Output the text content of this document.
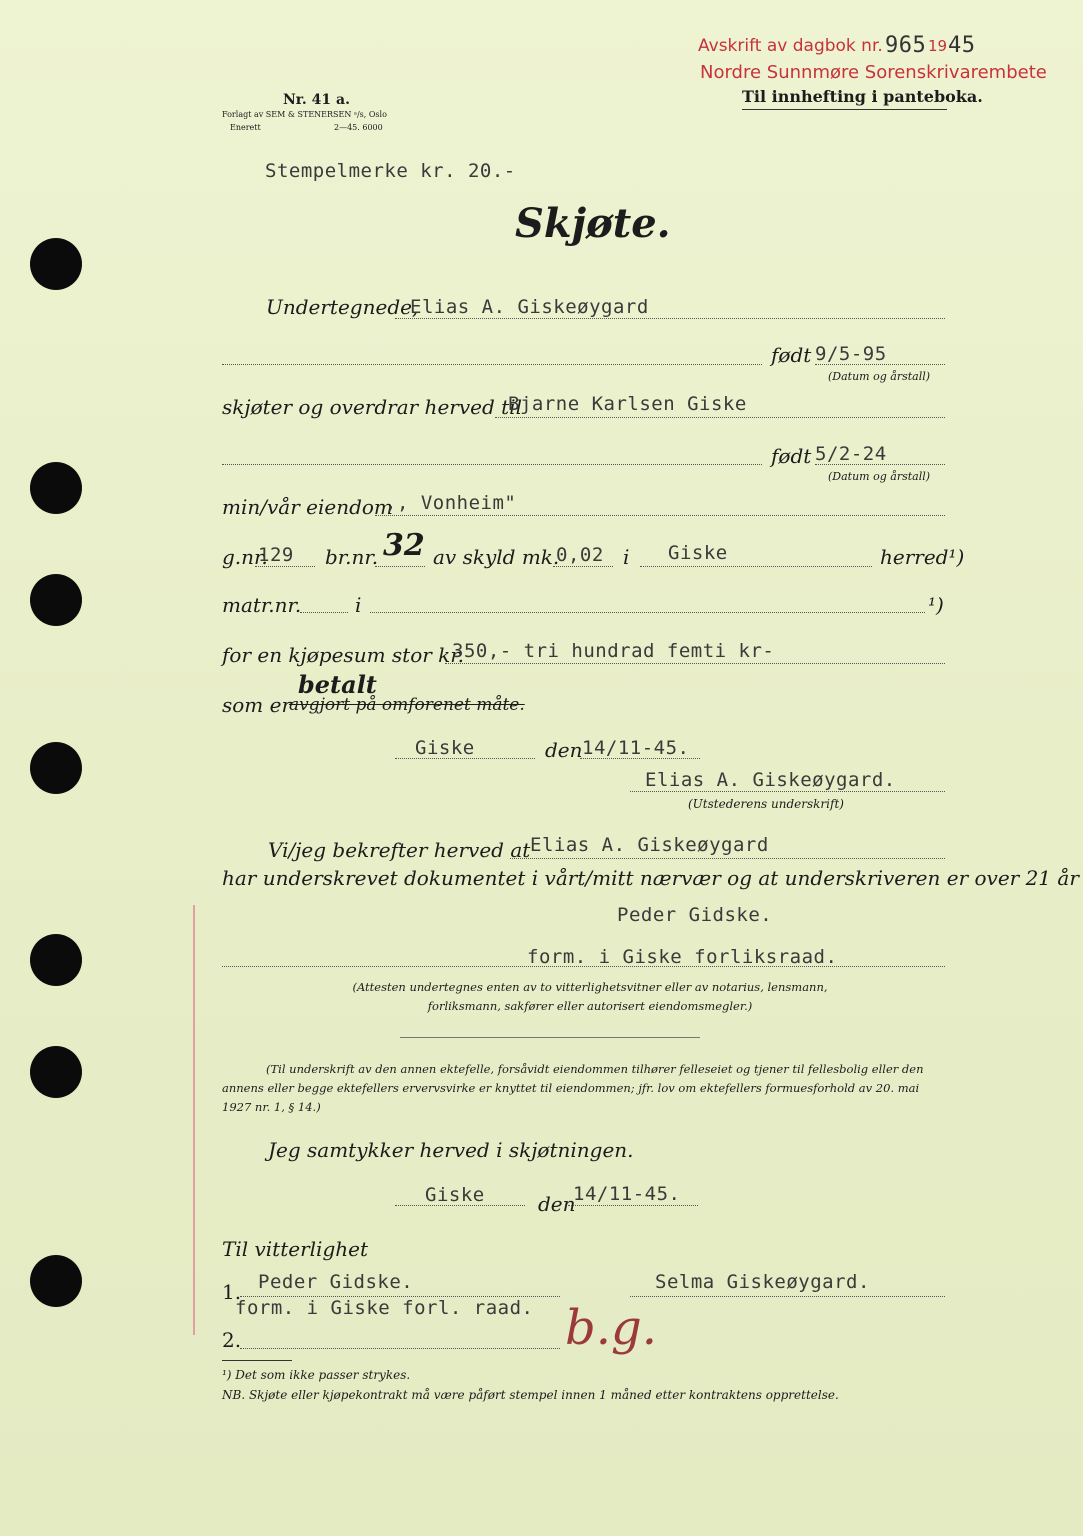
Avskrift av dagbok nr. 965 19 45
Nordre Sunnmøre Sorenskrivarembete
Til innhefting i panteboka.
Nr. 41 a.
Forlagt av SEM & STENERSEN ᵃ/s, Oslo
Enerett	2—45. 6000
Stempelmerke kr. 20.-
Skjøte.
Undertegnede,
Elias A. Giskeøygard
født 9/5-95
(Datum og årstall)
skjøter og overdrar herved til
Bjarne Karlsen Giske
født 5/2-24
(Datum og årstall)
min/vår eiendom
,, Vonheim"
g.nr.
129 br.nr. 32 av skyld mk.
0,02 i Giske	herred¹)
matr.nr.	i	¹)
for en kjøpesum stor kr.
350,- tri hundrad femti kr-
som er
betalt
avgjort på omforenet måte.
Giske	den 14/11-45.
Elias A. Giskeøygard.
(Utstederens underskrift)
Vi/jeg bekrefter herved at Elias A. Giskeøygard
har underskrevet dokumentet i vårt/mitt nærvær og at underskriveren er over 21 år
Peder Gidske.
form. i Giske forliksraad.
(Attesten undertegnes enten av to vitterlighetsvitner eller av notarius, lensmann, forliksmann, sakfører eller autorisert eiendomsmegler.)
(Til underskrift av den annen ektefelle, forsåvidt eiendommen tilhører felleseiet og tjener til fellesbolig eller den annens eller begge ektefellers ervervsvirke er knyttet til eiendommen; jfr. lov om ektefellers formuesforhold av 20. mai 1927 nr. 1, § 14.)
Jeg samtykker herved i skjøtningen.
Giske	den
14/11-45.
Til vitterlighet
1. Peder Gidske.
form. i Giske forl. raad.
Selma Giskeøygard.
2.	b.g.
¹) Det som ikke passer strykes.
NB. Skjøte eller kjøpekontrakt må være påført stempel innen 1 måned etter kontraktens opprettelse.
